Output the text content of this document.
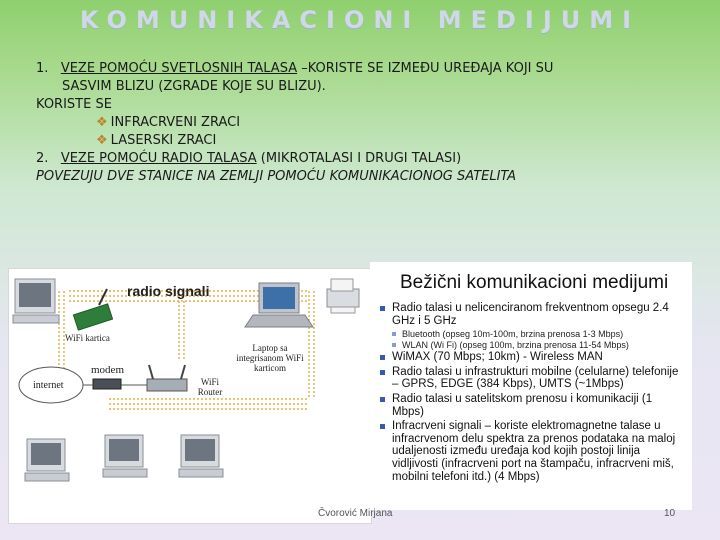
KOMUNIKACIONI MEDIJUMI
1. VEZE POMOĆU SVETLOSNIH TALASA –KORISTE SE IZMEĐU UREĐAJA KOJI SU
SASVIM BLIZU (ZGRADE KOJE SU BLIZU).
KORISTE SE
❖ INFRACRVENI ZRACI
❖ LASERSKI ZRACI
2.   VEZE POMOĆU RADIO TALASA (MIKROTALASI I DRUGI TALASI)
POVEZUJU DVE STANICE NA ZEMLJI POMOĆU KOMUNIKACIONOG SATELITA
radio signali
WiFi kartica
Laptop sa integrisanom WiFi karticom
modem
internet	WiFi Router
Bežični komunikacioni medijumi
Radio talasi u nelicenciranom frekventnom opsegu 2.4 GHz i 5 GHz
Bluetooth (opseg 10m-100m, brzina prenosa 1-3 Mbps)
WLAN (Wi Fi) (opseg 100m, brzina prenosa 11-54 Mbps)
WiMAX (70 Mbps; 10km) - Wireless MAN
Radio talasi u infrastrukturi mobilne (celularne) telefonije – GPRS, EDGE (384 Kbps), UMTS (~1Mbps)
Radio talasi u satelitskom prenosu i komunikaciji (1 Mbps)
Infracrveni signali – koriste elektromagnetne talase u infracrvenom delu spektra za prenos podataka na maloj udaljenosti između uređaja kod kojih postoji linija vidljivosti (infracrveni port na štampaču, infracrveni miš, mobilni telefoni itd.) (4 Mbps)
Čvorović Mirjana	10
